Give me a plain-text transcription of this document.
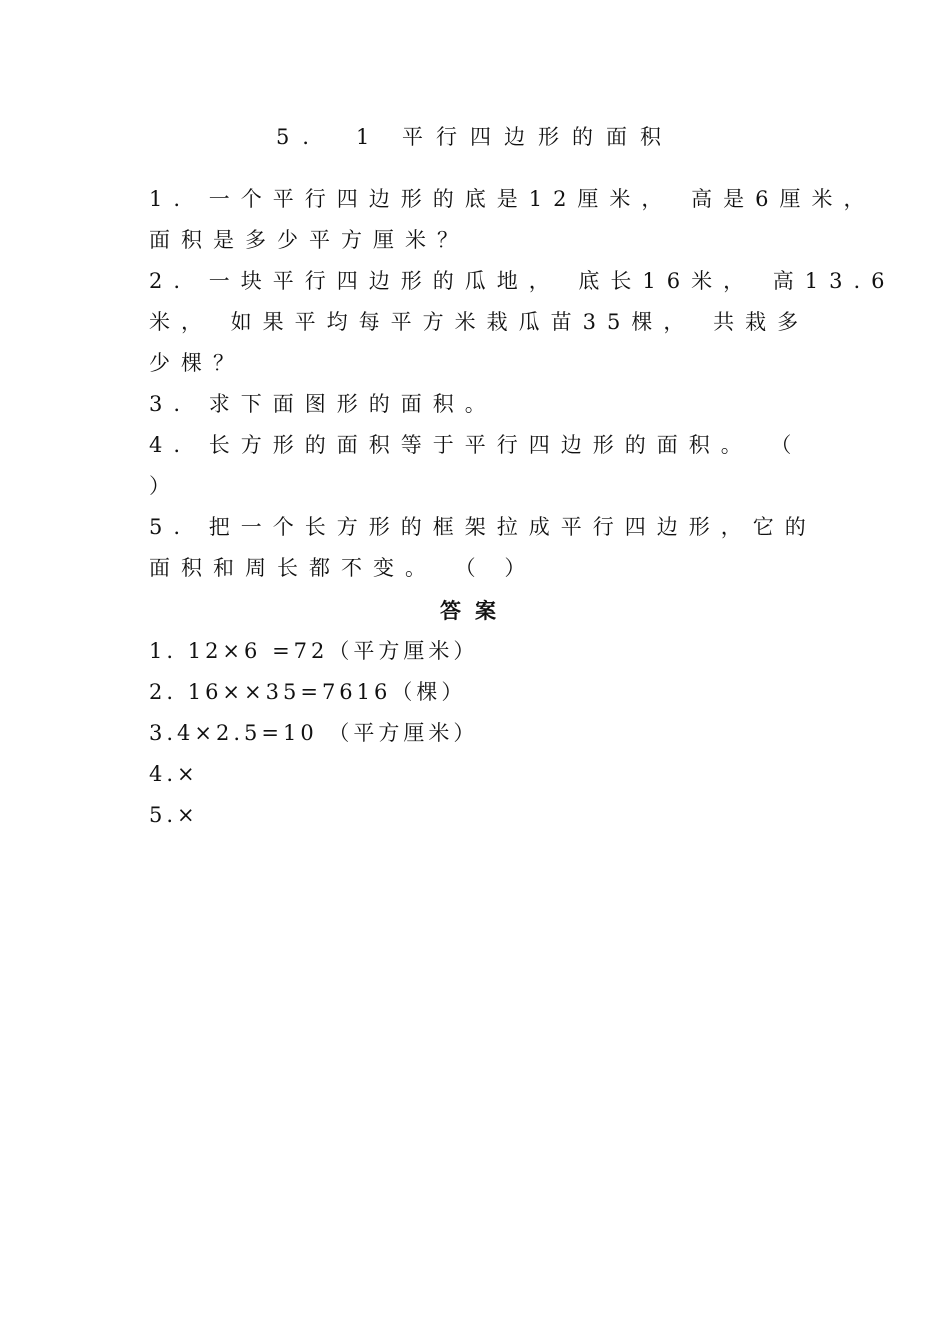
5． 1 平行四边形的面积
1. 一个平行四边形的底是12厘米， 高是6厘米，
面积是多少平方厘米？
2. 一块平行四边形的瓜地， 底长16米， 高13.6
米， 如果平均每平方米栽瓜苗35棵， 共栽多
少棵？
3. 求下面图形的面积。
4. 长方形的面积等于平行四边形的面积。 （
）
5. 把一个长方形的框架拉成平行四边形，它的
面积和周长都不变。 （ ）
答案
1. 12×6 =72（平方厘米）
2. 16××35=7616（棵）
3.4×2.5=10 （平方厘米）
4.×
5.×
